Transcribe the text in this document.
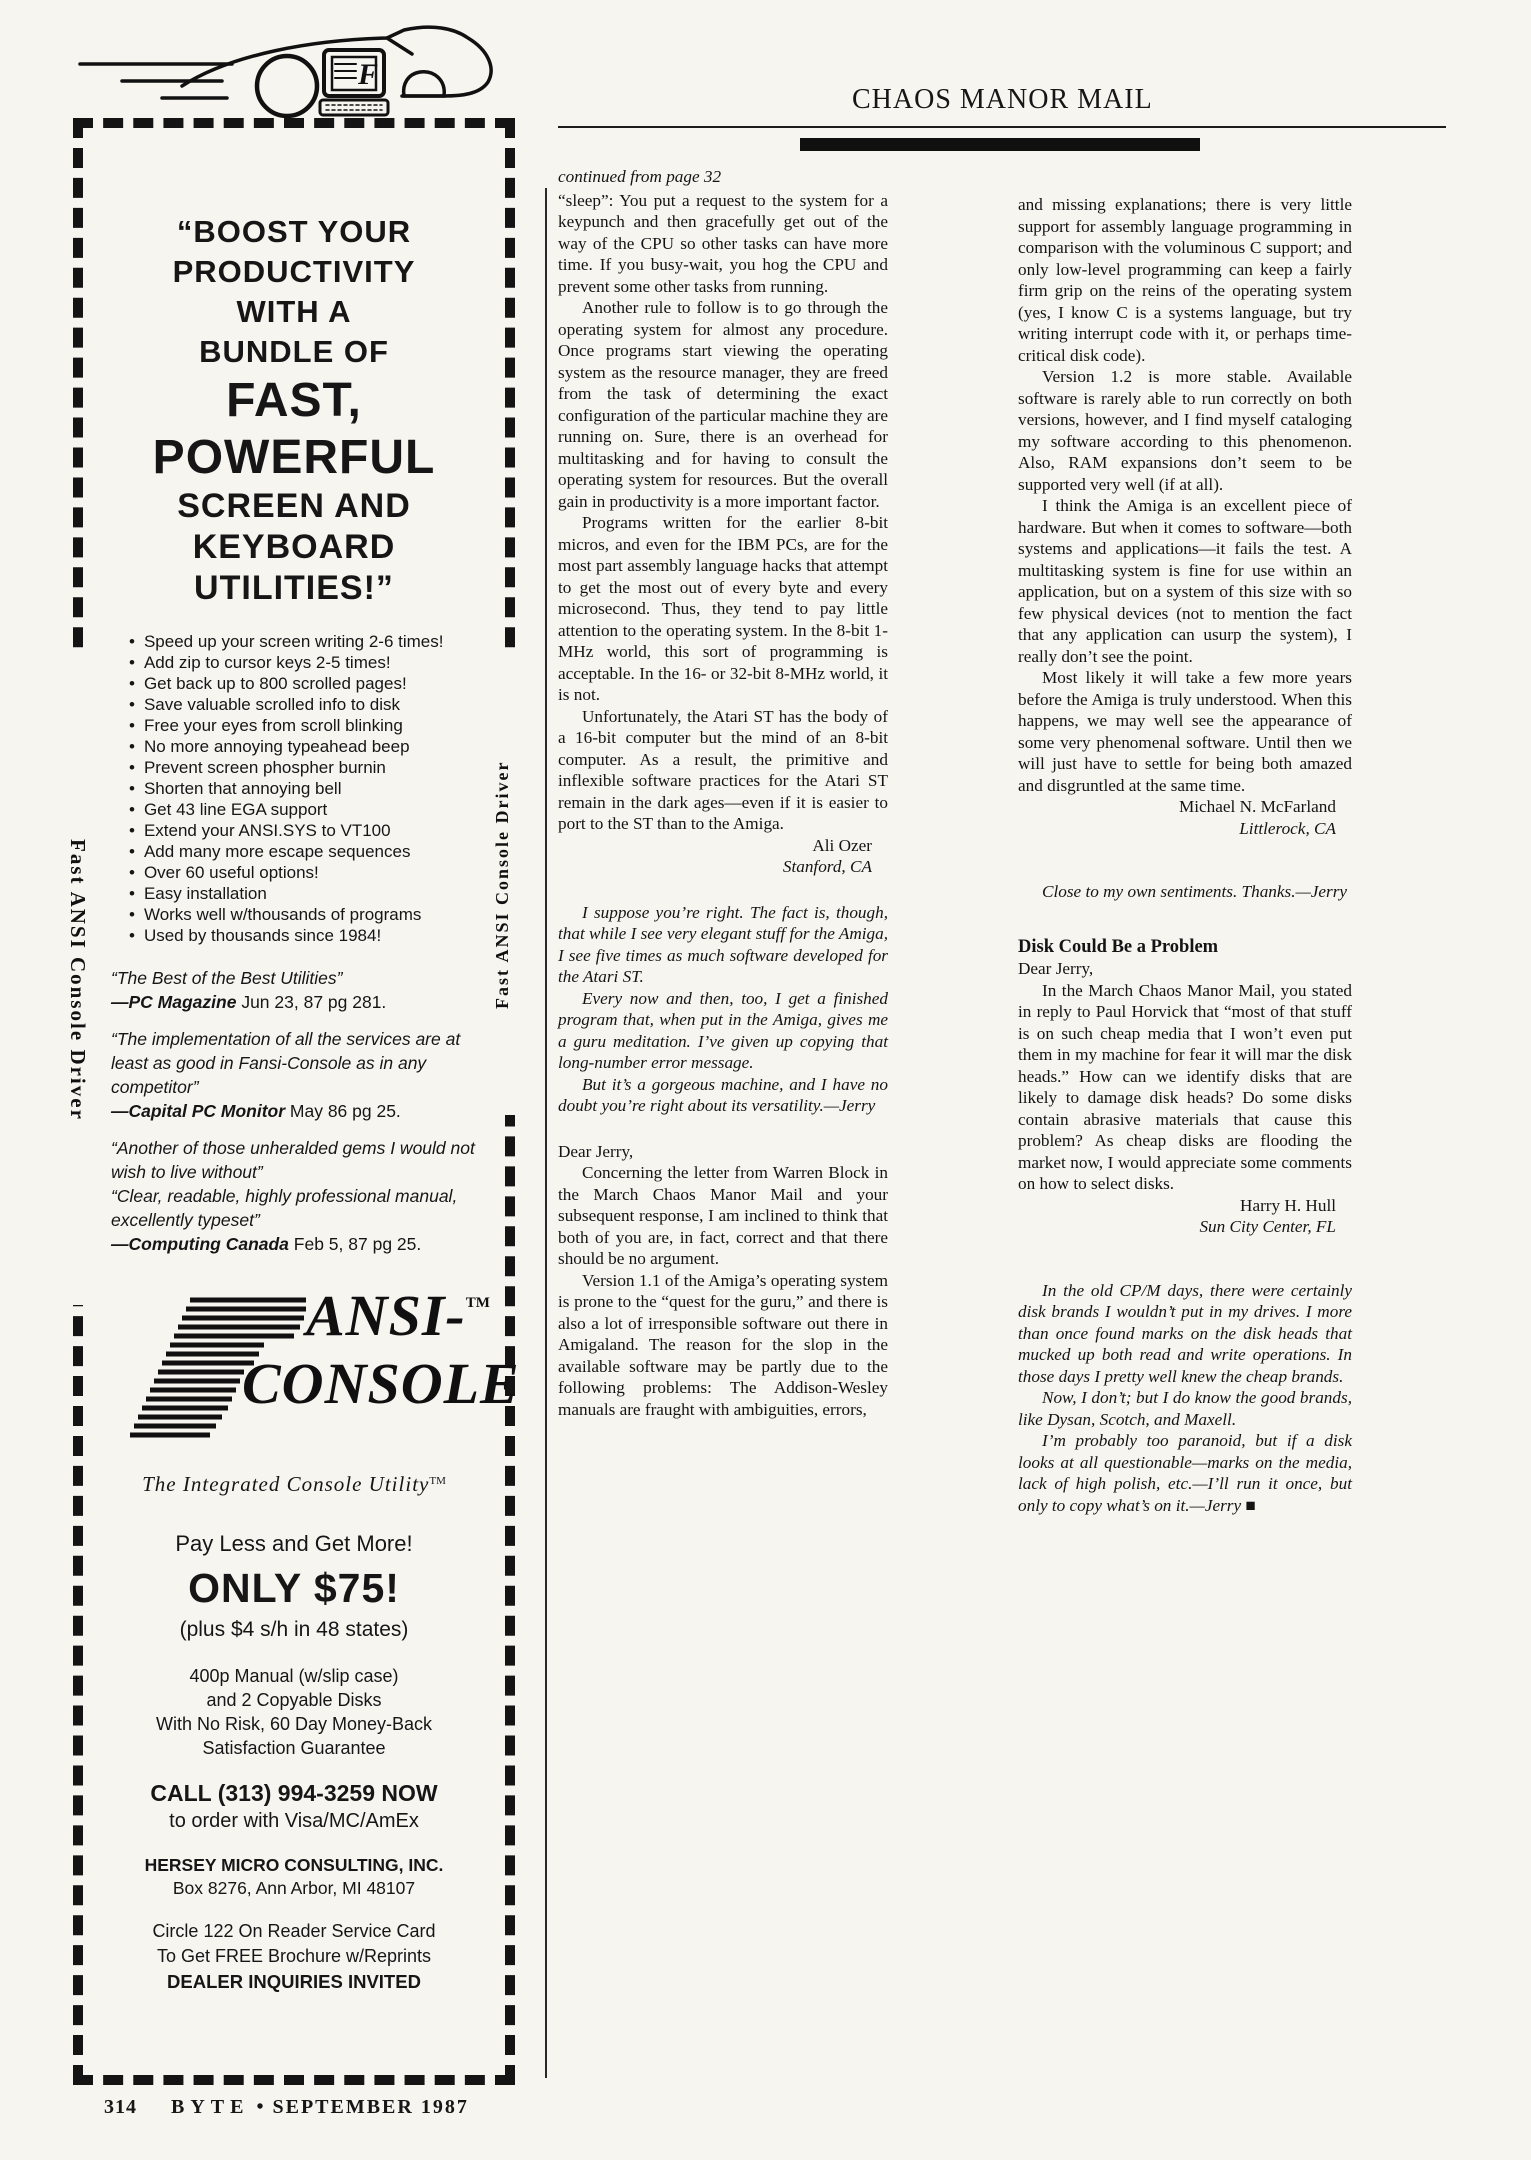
CHAOS MANOR MAIL
F
“BOOST YOUR
PRODUCTIVITY
WITH A
BUNDLE OF
FAST,
POWERFUL
SCREEN AND
KEYBOARD
UTILITIES!”
• Speed up your screen writing 2-6 times!
• Add zip to cursor keys 2-5 times!
• Get back up to 800 scrolled pages!
• Save valuable scrolled info to disk
• Free your eyes from scroll blinking
• No more annoying typeahead beep
• Prevent screen phospher burnin
• Shorten that annoying bell
• Get 43 line EGA support
• Extend your ANSI.SYS to VT100
• Add many more escape sequences
• Over 60 useful options!
• Easy installation
• Works well w/thousands of programs
• Used by thousands since 1984!
“The Best of the Best Utilities”
—PC Magazine Jun 23, 87 pg 281.
“The implementation of all the services are at least as good in Fansi-Console as in any competitor”
—Capital PC Monitor May 86 pg 25.
“Another of those unheralded gems I would not wish to live without”
“Clear, readable, highly professional manual, excellently typeset”
—Computing Canada Feb 5, 87 pg 25.
ANSI-™
CONSOLE
The Integrated Console Utility™
Pay Less and Get More!
ONLY $75!
(plus $4 s/h in 48 states)
400p Manual (w/slip case)
and 2 Copyable Disks
With No Risk, 60 Day Money-Back
Satisfaction Guarantee
CALL (313) 994-3259 NOW
to order with Visa/MC/AmEx
HERSEY MICRO CONSULTING, INC.
Box 8276, Ann Arbor, MI 48107
Circle 122 On Reader Service Card
To Get FREE Brochure w/Reprints
DEALER INQUIRIES INVITED
Fast ANSI Console Driver	Fast ANSI Console Driver
continued from page 32
“sleep”: You put a request to the system for a keypunch and then gracefully get out of the way of the CPU so other tasks can have more time. If you busy-wait, you hog the CPU and prevent some other tasks from running.
Another rule to follow is to go through the operating system for almost any procedure. Once programs start viewing the operating system as the resource manager, they are freed from the task of determining the exact configuration of the particular machine they are running on. Sure, there is an overhead for multitasking and for having to consult the operating system for resources. But the overall gain in productivity is a more important factor.
Programs written for the earlier 8-bit micros, and even for the IBM PCs, are for the most part assembly language hacks that attempt to get the most out of every byte and every microsecond. Thus, they tend to pay little attention to the operating system. In the 8-bit 1-MHz world, this sort of programming is acceptable. In the 16- or 32-bit 8-MHz world, it is not.
Unfortunately, the Atari ST has the body of a 16-bit computer but the mind of an 8-bit computer. As a result, the primitive and inflexible software practices for the Atari ST remain in the dark ages—even if it is easier to port to the ST than to the Amiga.
Ali Ozer
Stanford, CA
I suppose you’re right. The fact is, though, that while I see very elegant stuff for the Amiga, I see five times as much software developed for the Atari ST.
Every now and then, too, I get a finished program that, when put in the Amiga, gives me a guru meditation. I’ve given up copying that long-number error message.
But it’s a gorgeous machine, and I have no doubt you’re right about its versatility.—Jerry
Dear Jerry,
Concerning the letter from Warren Block in the March Chaos Manor Mail and your subsequent response, I am inclined to think that both of you are, in fact, correct and that there should be no argument.
Version 1.1 of the Amiga’s operating system is prone to the “quest for the guru,” and there is also a lot of irresponsible software out there in Amigaland. The reason for the slop in the available software may be partly due to the following problems: The Addison-Wesley manuals are fraught with ambiguities, errors,
and missing explanations; there is very little support for assembly language programming in comparison with the voluminous C support; and only low-level programming can keep a fairly firm grip on the reins of the operating system (yes, I know C is a systems language, but try writing interrupt code with it, or perhaps time-critical disk code).
Version 1.2 is more stable. Available software is rarely able to run correctly on both versions, however, and I find myself cataloging my software according to this phenomenon. Also, RAM expansions don’t seem to be supported very well (if at all).
I think the Amiga is an excellent piece of hardware. But when it comes to software—both systems and applications—it fails the test. A multitasking system is fine for use within an application, but on a system of this size with so few physical devices (not to mention the fact that any application can usurp the system), I really don’t see the point.
Most likely it will take a few more years before the Amiga is truly understood. When this happens, we may well see the appearance of some very phenomenal software. Until then we will just have to settle for being both amazed and disgruntled at the same time.
Michael N. McFarland
Littlerock, CA
Close to my own sentiments. Thanks.—Jerry
Disk Could Be a Problem
Dear Jerry,
In the March Chaos Manor Mail, you stated in reply to Paul Horvick that “most of that stuff is on such cheap media that I won’t even put them in my machine for fear it will mar the disk heads.” How can we identify disks that are likely to damage disk heads? Do some disks contain abrasive materials that cause this problem? As cheap disks are flooding the market now, I would appreciate some comments on how to select disks.
Harry H. Hull
Sun City Center, FL
In the old CP/M days, there were certainly disk brands I wouldn’t put in my drives. I more than once found marks on the disk heads that mucked up both read and write operations. In those days I pretty well knew the cheap brands.
Now, I don’t; but I do know the good brands, like Dysan, Scotch, and Maxell.
I’m probably too paranoid, but if a disk looks at all questionable—marks on the media, lack of high polish, etc.—I’ll run it once, but only to copy what’s on it.—Jerry ■
314 BYTE • SEPTEMBER 1987
